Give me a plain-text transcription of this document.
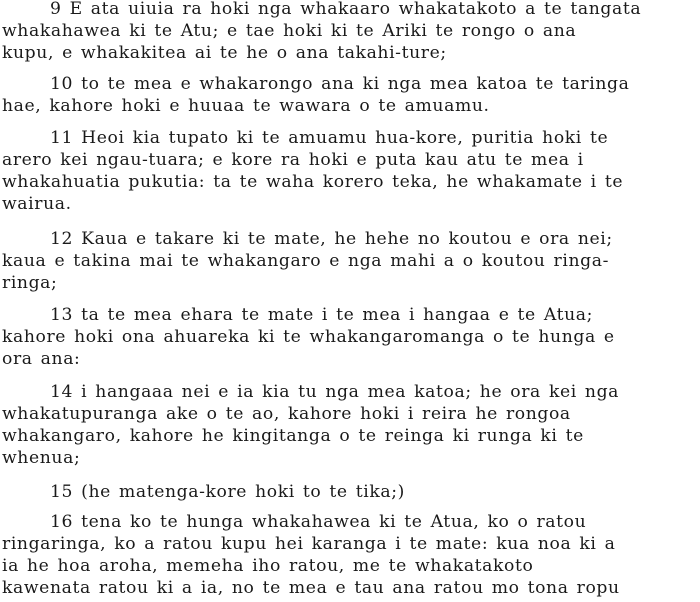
9 E ata uiuia ra hoki nga whakaaro whakatakoto a te tangata
whakahawea ki te Atu; e tae hoki ki te Ariki te rongo o ana
kupu, e whakakitea ai te he o ana takahi-ture;
10 to te mea e whakarongo ana ki nga mea katoa te taringa
hae, kahore hoki e huuaa te wawara o te amuamu.
11 Heoi kia tupato ki te amuamu hua-kore, puritia hoki te
arero kei ngau-tuara; e kore ra hoki e puta kau atu te mea i
whakahuatia pukutia: ta te waha korero teka, he whakamate i te
wairua.
12 Kaua e takare ki te mate, he hehe no koutou e ora nei;
kaua e takina mai te whakangaro e nga mahi a o koutou ringa-
ringa;
13 ta te mea ehara te mate i te mea i hangaa e te Atua;
kahore hoki ona ahuareka ki te whakangaromanga o te hunga e
ora ana:
14 i hangaaa nei e ia kia tu nga mea katoa; he ora kei nga
whakatupuranga ake o te ao, kahore hoki i reira he rongoa
whakangaro, kahore he kingitanga o te reinga ki runga ki te
whenua;
15 (he matenga-kore hoki to te tika;)
16 tena ko te hunga whakahawea ki te Atua, ko o ratou
ringaringa, ko a ratou kupu hei karanga i te mate: kua noa ki a
ia he hoa aroha, memeha iho ratou, me te whakatakoto
kawenata ratou ki a ia, no te mea e tau ana ratou mo tona ropu
